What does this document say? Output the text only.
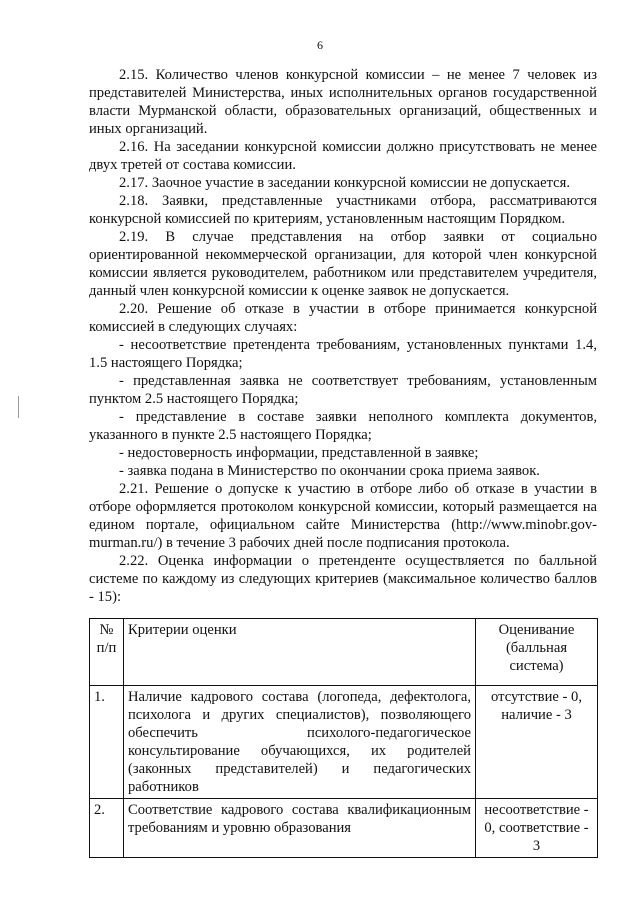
6

2.15. Количество членов конкурсной комиссии – не менее 7 человек из представителей Министерства, иных исполнительных органов государственной власти Мурманской области, образовательных организаций, общественных и иных организаций.

2.16. На заседании конкурсной комиссии должно присутствовать не менее двух третей от состава комиссии.

2.17. Заочное участие в заседании конкурсной комиссии не допускается.

2.18. Заявки, представленные участниками отбора, рассматриваются конкурсной комиссией по критериям, установленным настоящим Порядком.

2.19. В случае представления на отбор заявки от социально ориентированной некоммерческой организации, для которой член конкурсной комиссии является руководителем, работником или представителем учредителя, данный член конкурсной комиссии к оценке заявок не допускается.

2.20. Решение об отказе в участии в отборе принимается конкурсной комиссией в следующих случаях:

- несоответствие претендента требованиям, установленных пунктами 1.4, 1.5 настоящего Порядка;

- представленная заявка не соответствует требованиям, установленным пунктом 2.5 настоящего Порядка;

- представление в составе заявки неполного комплекта документов, указанного в пункте 2.5 настоящего Порядка;

- недостоверность информации, представленной в заявке;

- заявка подана в Министерство по окончании срока приема заявок.

2.21. Решение о допуске к участию в отборе либо об отказе в участии в отборе оформляется протоколом конкурсной комиссии, который размещается на едином портале, официальном сайте Министерства (http://www.minobr.gov-murman.ru/) в течение 3 рабочих дней после подписания протокола.

2.22. Оценка информации о претенденте осуществляется по балльной системе по каждому из следующих критериев (максимальное количество баллов - 15):

№ п/п	Критерии оценки	Оценивание (балльная система)
1.	Наличие кадрового состава (логопеда, дефектолога, психолога и других специалистов), позволяющего обеспечить психолого-педагогическое консультирование обучающихся, их родителей (законных представителей) и педагогических работников	отсутствие - 0, наличие - 3
2.	Соответствие кадрового состава квалификационным требованиям и уровню образования	несоответствие - 0, соответствие - 3
